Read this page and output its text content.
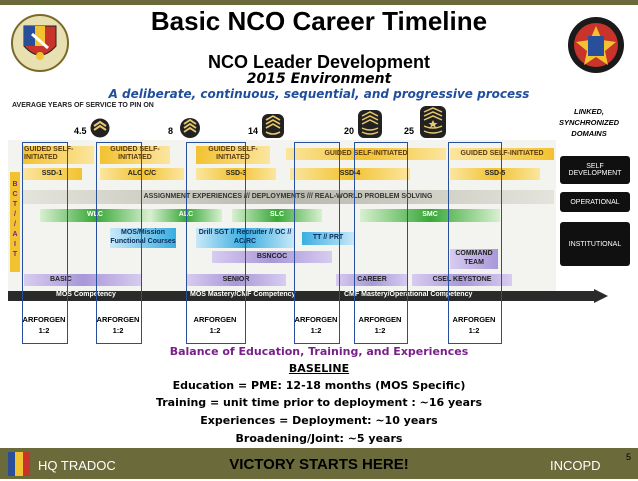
Basic NCO Career Timeline
NCO Leader Development
2015 Environment
A deliberate, continuous, sequential, and progressive process
AVERAGE YEARS OF SERVICE TO PIN ON
4.5	8	14	20	25
B
C
T
/
/
A
I
T
GUIDED SELF-INITIATED
GUIDED SELF-INITIATED
GUIDED SELF-INITIATED
GUIDED SELF-INITIATED	GUIDED SELF-INITIATED
SSD-1	ALC C/C	SSD-3	SSD-4	SSD-5
ASSIGNMENT EXPERIENCES /// DEPLOYMENTS /// REAL-WORLD PROBLEM SOLVING
WLC	ALC	SLC	SMC
MOS/Mission Functional Courses
Drill SGT // Recruiter // OC // AC/RC
TT // PRT
BSNCOC	COMMAND TEAM
BASIC	SENIOR	CAREER	CSEL KEYSTONE
MOS Competency	MOS Mastery/CMF Competency	CMF Mastery/Operational Competency
ARFORGEN
1:2
ARFORGEN
1:2
ARFORGEN
1:2
ARFORGEN
1:2
ARFORGEN
1:2
ARFORGEN
1:2
LINKED, SYNCHRONIZED DOMAINS
SELF DEVELOPMENT
OPERATIONAL
INSTITUTIONAL
Balance of Education, Training, and Experiences
BASELINE
Education = PME: 12-18 months (MOS Specific)
Training = unit time prior to deployment : ~16 years
Experiences = Deployment: ~10 years
Broadening/Joint: ~5 years
HQ TRADOC	VICTORY STARTS HERE!	INCOPD
5
